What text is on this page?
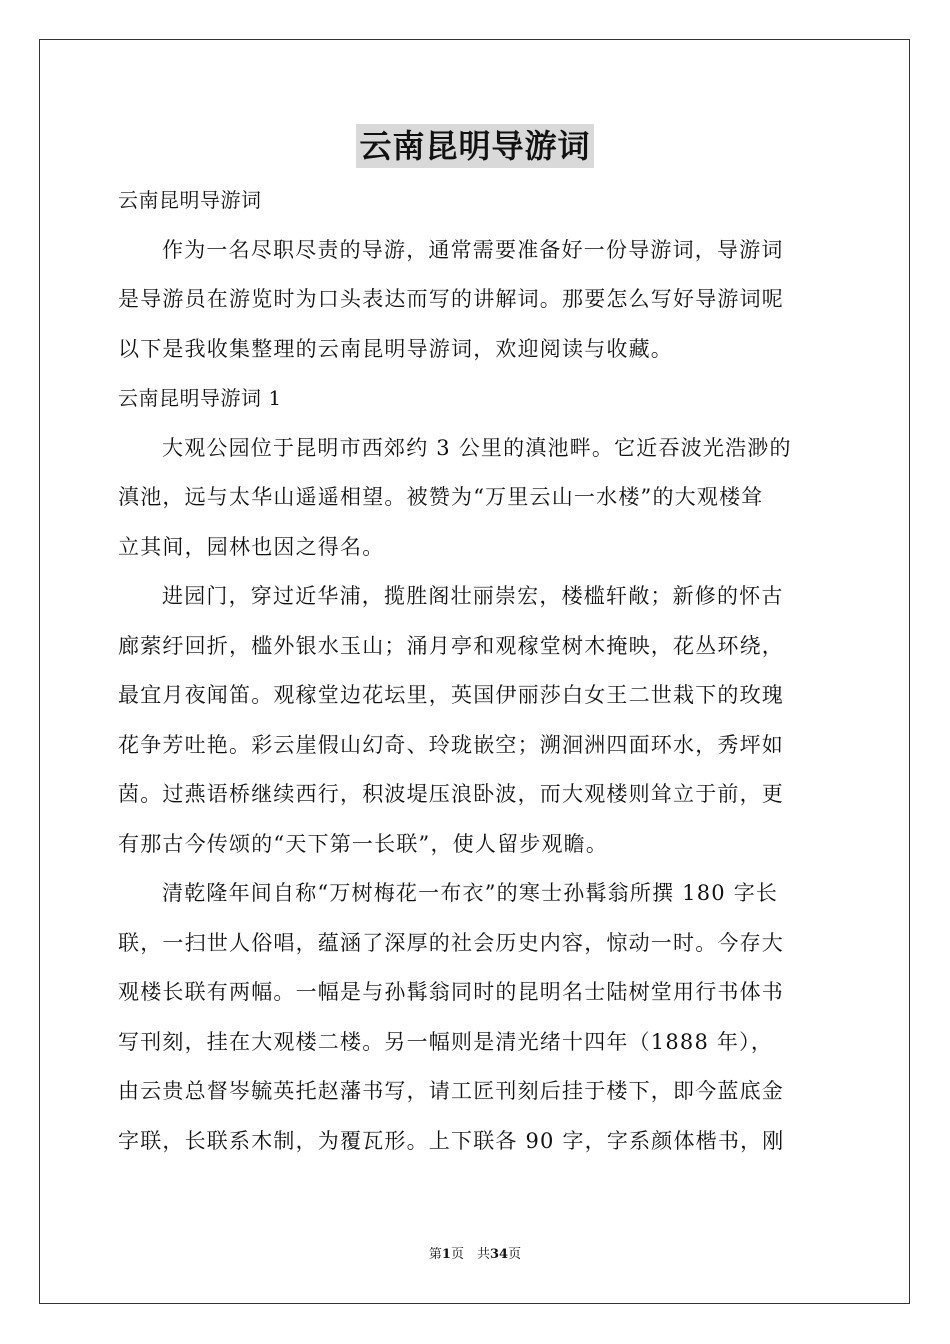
云南昆明导游词
云南昆明导游词
作为一名尽职尽责的导游，通常需要准备好一份导游词，导游词
是导游员在游览时为口头表达而写的讲解词。那要怎么写好导游词呢
以下是我收集整理的云南昆明导游词，欢迎阅读与收藏。
云南昆明导游词 1
大观公园位于昆明市西郊约 3 公里的滇池畔。它近吞波光浩渺的
滇池，远与太华山遥遥相望。被赞为“万里云山一水楼”的大观楼耸
立其间，园林也因之得名。
进园门，穿过近华浦，揽胜阁壮丽崇宏，楼槛轩敞；新修的怀古
廊萦纡回折，槛外银水玉山；涌月亭和观稼堂树木掩映，花丛环绕，
最宜月夜闻笛。观稼堂边花坛里，英国伊丽莎白女王二世栽下的玫瑰
花争芳吐艳。彩云崖假山幻奇、玲珑嵌空；溯洄洲四面环水，秀坪如
茵。过燕语桥继续西行，积波堤压浪卧波，而大观楼则耸立于前，更
有那古今传颂的“天下第一长联”，使人留步观瞻。
清乾隆年间自称“万树梅花一布衣”的寒士孙髯翁所撰 180 字长
联，一扫世人俗唱，蕴涵了深厚的社会历史内容，惊动一时。今存大
观楼长联有两幅。一幅是与孙髯翁同时的昆明名士陆树堂用行书体书
写刊刻，挂在大观楼二楼。另一幅则是清光绪十四年（1888 年），
由云贵总督岑毓英托赵藩书写，请工匠刊刻后挂于楼下，即今蓝底金
字联，长联系木制，为覆瓦形。上下联各 90 字，字系颜体楷书，刚
第1页　共34页
